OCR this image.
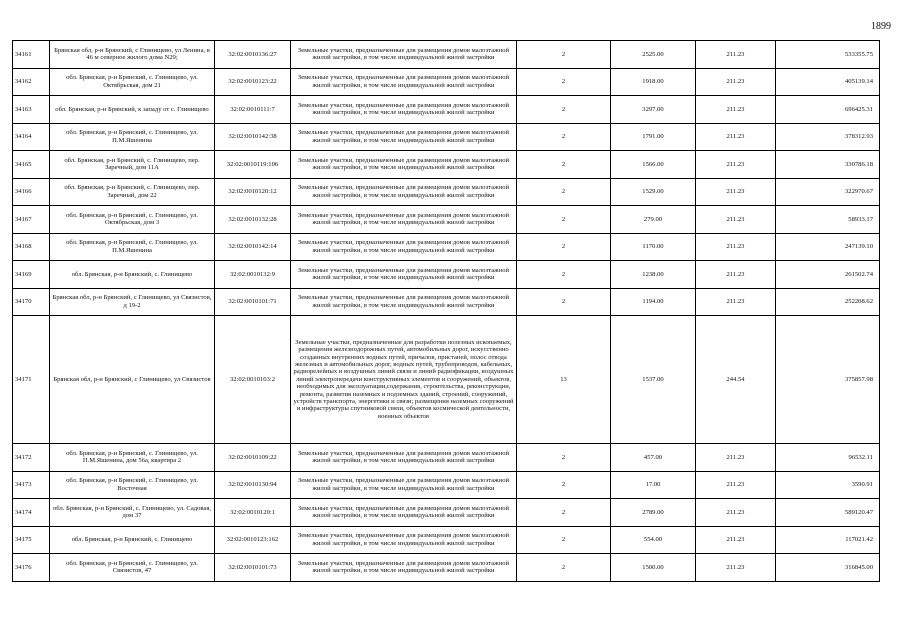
1899
34161	Брянская обл, р-н Брянский, с Глинищево, ул Ленина, в 46 м северное жилого дома N29;	32:02:0010136:27	Земельные участки, предназначенные для размещения домов малоэтажной жилой застройки, в том числе индивидуальной жилой застройки	2	2525.00	211.23	533355.75
34162	обл. Брянская, р-н Брянский, с. Глинищево, ул. Октябрьская, дом 21	32:02:0010123:22	Земельные участки, предназначенные для размещения домов малоэтажной жилой застройки, в том числе индивидуальной жилой застройки	2	1918.00	211.23	405139.14
34163	обл. Брянская, р-н Брянский, к западу от с. Глинищево	32:02:0010111:7	Земельные участки, предназначенные для размещения домов малоэтажной жилой застройки, в том числе индивидуальной жилой застройки	2	3297.00	211.23	696425.31
34164	обл. Брянская, р-н Брянский, с. Глинищево, ул. П.М.Яшенина	32:02:0010142:38	Земельные участки, предназначенные для размещения домов малоэтажной жилой застройки, в том числе индивидуальной жилой застройки	2	1791.00	211.23	378312.93
34165	обл. Брянская, р-н Брянский, с. Глинищево, пер. Заречный, дом 11А	32:02:0010119:106	Земельные участки, предназначенные для размещения домов малоэтажной жилой застройки, в том числе индивидуальной жилой застройки	2	1566.00	211.23	330786.18
34166	обл. Брянская, р-н Брянский, с. Глинищево, пер. Заречный, дом 22	32:02:0010120:12	Земельные участки, предназначенные для размещения домов малоэтажной жилой застройки, в том числе индивидуальной жилой застройки	2	1529.00	211.23	322970.67
34167	обл. Брянская, р-н Брянский, с. Глинищево, ул. Октябрьская, дом 3	32:02:0010132:28	Земельные участки, предназначенные для размещения домов малоэтажной жилой застройки, в том числе индивидуальной жилой застройки	2	279.00	211.23	58933.17
34168	обл. Брянская, р-н Брянский, с. Глинищево, ул. П.М.Яшенина	32:02:0010142:14	Земельные участки, предназначенные для размещения домов малоэтажной жилой застройки, в том числе индивидуальной жилой застройки	2	1170.00	211.23	247139.10
34169	обл. Брянская, р-н Брянский, с. Глинищево	32:02:0010132:9	Земельные участки, предназначенные для размещения домов малоэтажной жилой застройки, в том числе индивидуальной жилой застройки	2	1238.00	211.23	261502.74
34170	Брянская обл, р-н Брянский, с Глинищево, ул Связистов, д 19-2	32:02:0010101:71	Земельные участки, предназначенные для размещения домов малоэтажной жилой застройки, в том числе индивидуальной жилой застройки	2	1194.00	211.23	252208.62
34171	Брянская обл, р-н Брянский, с Глинищево, ул Связистов	32:02:0010103:2	Земельные участки, предназначенные для разработки полезных ископаемых, размещения железнодорожных путей, автомобильных дорог, искусственно созданных внутренних водных путей, причалов, пристаней, полос отвода железных и автомобильных дорог, водных путей, трубопроводов, кабельных, радиорелейных и воздушных линий связи и линий радиофикации, воздушных линий электропередачи конструктивных элементов и сооружений, объектов, необходимых для эксплуатации,содержания, строительства, реконструкции, ремонта, развития наземных и подземных зданий, строений, сооружений, устройств транспорта, энергетики и связи; размещения наземных сооружений и инфраструктуры спутниковой связи, объектов космической деятельности, военных объектов	13	1537.00	244.54	375857.98
34172	обл. Брянская, р-н Брянский, с. Глинищево, ул. П.М.Яшенина, дом 56а, квартира 2	32:02:0010109:22	Земельные участки, предназначенные для размещения домов малоэтажной жилой застройки, в том числе индивидуальной жилой застройки	2	457.00	211.23	96532.11
34173	обл. Брянская, р-н Брянский, с. Глинищево, ул. Восточная	32:02:0010130:94	Земельные участки, предназначенные для размещения домов малоэтажной жилой застройки, в том числе индивидуальной жилой застройки	2	17.00	211.23	3590.91
34174	обл. Брянская, р-н Брянский, с. Глинищево, ул. Садовая, дом 37	32:02:0010120:1	Земельные участки, предназначенные для размещения домов малоэтажной жилой застройки, в том числе индивидуальной жилой застройки	2	2789.00	211.23	589120.47
34175	обл. Брянская, р-н Брянский, с. Глинищево	32:02:0010123:162	Земельные участки, предназначенные для размещения домов малоэтажной жилой застройки, в том числе индивидуальной жилой застройки	2	554.00	211.23	117021.42
34176	обл. Брянская, р-н Брянский, с. Глинищево, ул. Связистов, 47	32:02:0010101:73	Земельные участки, предназначенные для размещения домов малоэтажной жилой застройки, в том числе индивидуальной жилой застройки	2	1500.00	211.23	316845.00
